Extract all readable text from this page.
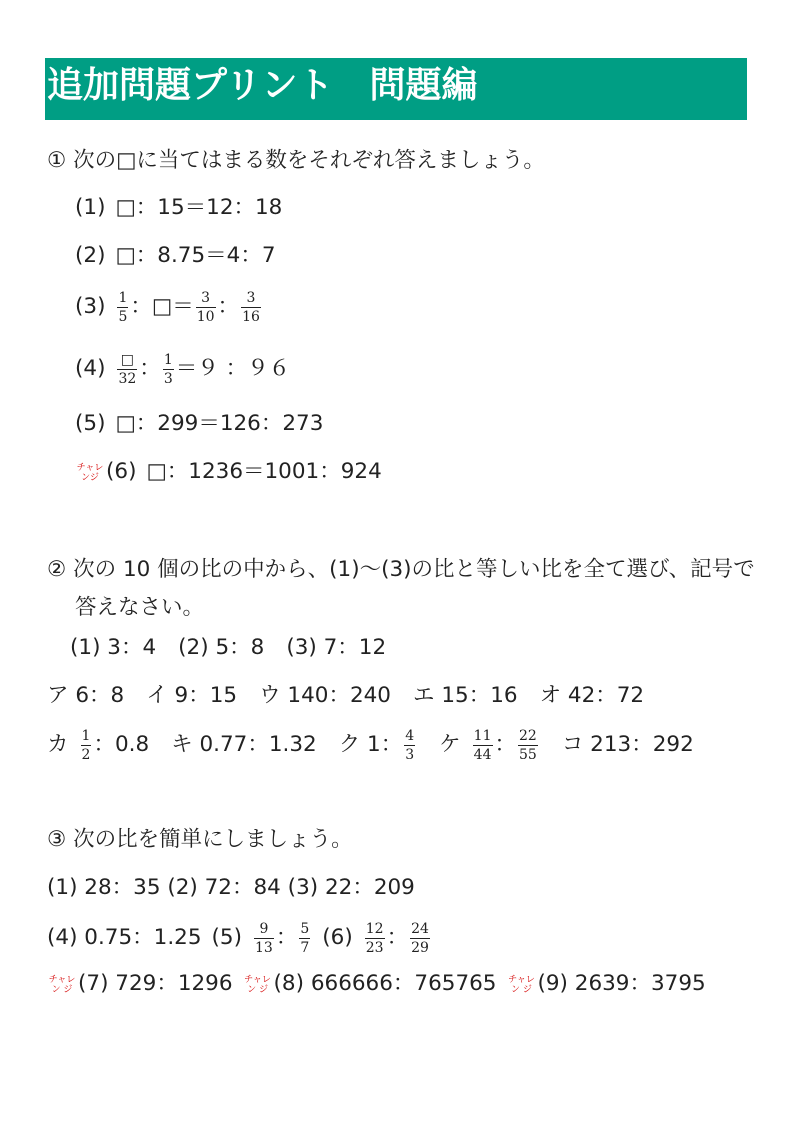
追加問題プリント　問題編
① 次の□に当てはまる数をそれぞれ答えましょう。
(1) □：15＝12：18
(2) □：8.75＝4：7
$(3) \frac{1}{5}$ ：□＝ $\frac{3}{10}$ ： $\frac{3}{16}$
$(4) \frac{□}{32}$ ： $\frac{1}{3} =9$ ：９６
(5) □：299＝126：273
チャレ
ンジ (6) □：1236＝1001：924
② 次の 10 個の比の中から、(1)〜(3)の比と等しい比を全て選び、記号で
答えなさい。
(1) 3：4 (2) 5：8 (3) 7：12
ア 6：8 イ 9：15 ウ 140：240 エ 15：16 オ 42：72
カ $\frac{1}{2}$ ：0.8 キ 0.77：1.32 ク 1： $\frac{4}{3}$ ケ $\frac{11}{44}$ ： $\frac{22}{55}$ コ 213：292
③ 次の比を簡単にしましょう。
(1) 28：35 (2) 72：84 (3) 22：209
(4) 0.75：1.25 $(5) \frac{9}{13}$ ： $\frac{5}{7} (6) \frac{12}{23}$ ： $\frac{24}{29}$
チャレ
ン ジ (7) 729：1296 チャレ
ン ジ (8) 666666：765765 チャレ
ン ジ (9) 2639：3795
